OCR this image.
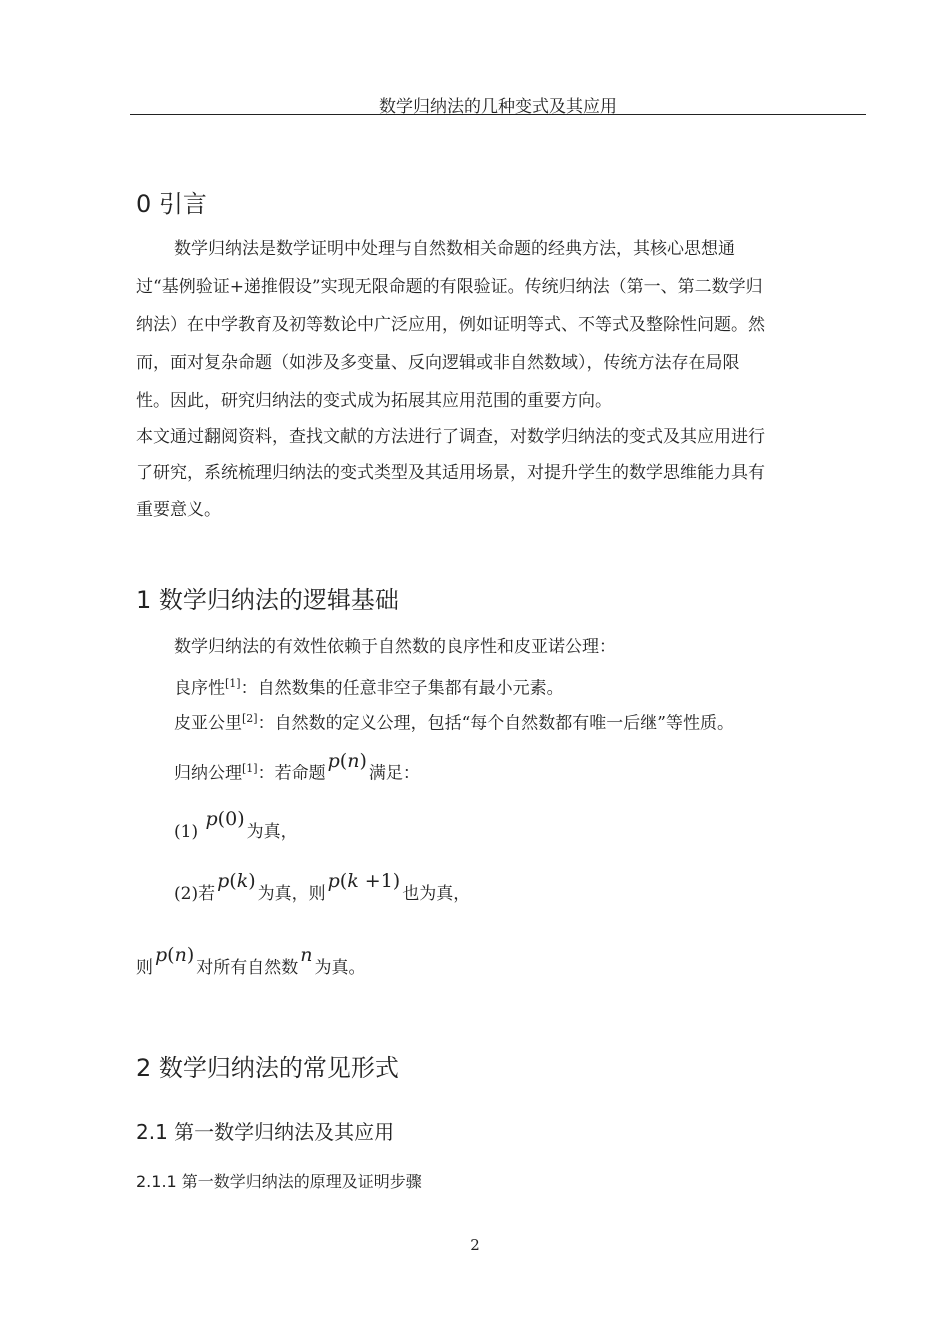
数学归纳法的几种变式及其应用
0 引言
数学归纳法是数学证明中处理与自然数相关命题的经典方法，其核心思想通
过“基例验证+递推假设”实现无限命题的有限验证。传统归纳法（第一、第二数学归
纳法）在中学教育及初等数论中广泛应用，例如证明等式、不等式及整除性问题。然
而，面对复杂命题（如涉及多变量、反向逻辑或非自然数域），传统方法存在局限
性。因此，研究归纳法的变式成为拓展其应用范围的重要方向。
本文通过翻阅资料，查找文献的方法进行了调查，对数学归纳法的变式及其应用进行
了研究，系统梳理归纳法的变式类型及其适用场景，对提升学生的数学思维能力具有
重要意义。
1 数学归纳法的逻辑基础
数学归纳法的有效性依赖于自然数的良序性和皮亚诺公理：
良序性[1]：自然数集的任意非空子集都有最小元素。
皮亚公里[2]：自然数的定义公理，包括“每个自然数都有唯一后继”等性质。
归纳公理[1]：若命题p(n)满足：
(1) p(0)为真，
(2)若p(k)为真，则p(k +1)也为真，
则p(n)对所有自然数n为真。
2 数学归纳法的常见形式
2.1 第一数学归纳法及其应用
2.1.1 第一数学归纳法的原理及证明步骤
2
